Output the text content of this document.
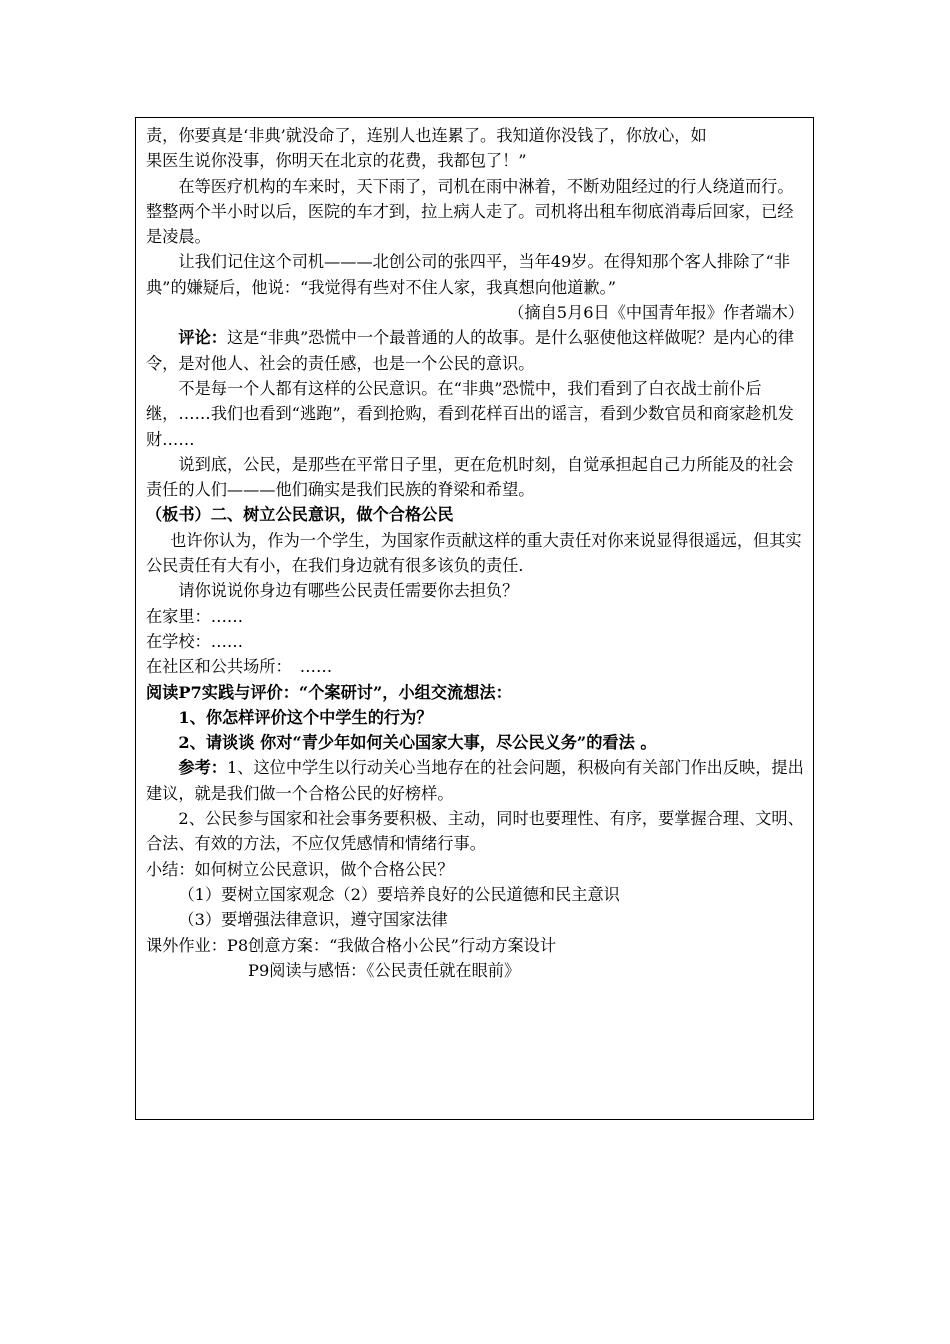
责，你要真是‘非典’就没命了，连别人也连累了。我知道你没钱了，你放心，如

果医生说你没事，你明天在北京的花费，我都包了！”

在等医疗机构的车来时，天下雨了，司机在雨中淋着，不断劝阻经过的行人绕道而行。整整两个半小时以后，医院的车才到，拉上病人走了。司机将出租车彻底消毒后回家，已经是凌晨。

让我们记住这个司机———北创公司的张四平，当年49岁。在得知那个客人排除了“非典”的嫌疑后，他说：“我觉得有些对不住人家，我真想向他道歉。”

（摘自5月6日《中国青年报》作者端木）

评论：这是“非典”恐慌中一个最普通的人的故事。是什么驱使他这样做呢？是内心的律令，是对他人、社会的责任感，也是一个公民的意识。

不是每一个人都有这样的公民意识。在“非典”恐慌中，我们看到了白衣战士前仆后继，……我们也看到“逃跑”，看到抢购，看到花样百出的谣言，看到少数官员和商家趁机发财……

说到底，公民，是那些在平常日子里，更在危机时刻，自觉承担起自己力所能及的社会责任的人们———他们确实是我们民族的脊梁和希望。

（板书）二、树立公民意识，做个合格公民

也许你认为，作为一个学生，为国家作贡献这样的重大责任对你来说显得很遥远，但其实公民责任有大有小，在我们身边就有很多该负的责任.

请你说说你身边有哪些公民责任需要你去担负？

在家里：……

在学校：……

在社区和公共场所：　……

阅读P7实践与评价：“个案研讨”，小组交流想法：

1、你怎样评价这个中学生的行为？

2、请谈谈 你对“青少年如何关心国家大事，尽公民义务”的看法 。

参考：1、这位中学生以行动关心当地存在的社会问题，积极向有关部门作出反映，提出建议，就是我们做一个合格公民的好榜样。

2、公民参与国家和社会事务要积极、主动，同时也要理性、有序，要掌握合理、文明、合法、有效的方法，不应仅凭感情和情绪行事。

小结：如何树立公民意识，做个合格公民？

（1）要树立国家观念（2）要培养良好的公民道德和民主意识

（3）要增强法律意识，遵守国家法律

课外作业：P8创意方案：“我做合格小公民”行动方案设计

P9阅读与感悟：《公民责任就在眼前》
